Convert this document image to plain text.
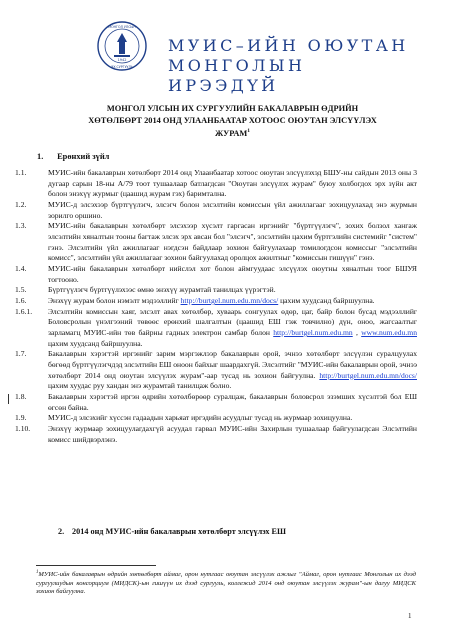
1942
МОНГОЛ УЛСЫН
ИХ СУРГУУЛЬ
МУИС–ИЙН ОЮУТАН
МОНГОЛЫН ИРЭЭДҮЙ
МОНГОЛ УЛСЫН ИХ СУРГУУЛИЙН БАКАЛАВРЫН ӨДРИЙН
ХӨТӨЛБӨРТ 2014 ОНД УЛААНБААТАР ХОТООС ОЮУТАН ЭЛСҮҮЛЭХ
ЖУРАМ$^1$
1. Ерөнхий зүйл
1.1.	МУИС-ийн бакалаврын хөтөлбөрт 2014 онд Улаанбаатар хотоос оюутан элсүүлэхэд БШУ-ны сайдын 2013 оны 3 дугаар сарын 18-ны А/79 тоот тушаалаар батлагдсан "Оюутан элсүүлэх журам" буюу холбогдох эрх зүйн акт болон энэхүү журмыг (цаашид журам гэх) баримтална.
1.2.	МУИС-д элсэхээр бүртгүүлэгч, элсэгч болон элсэлтийн комиссын үйл ажиллагааг зохицуулахад энэ журмын зорилго оршино.
1.3.	МУИС-ийн бакалаврын хөтөлбөрт элсэхээр хүсэлт гаргасан иргэнийг "бүртгүүлэгч", зохих болзол хангаж элсэлтийн хяналтын тооны багтаж элсэх эрх авсан бол "элсэгч", элсэлтийн цахим бүртгэлийн системийг "систем" гэнэ. Элсэлтийн үйл ажиллагааг нэгдсэн байдлаар зохион байгуулахаар томилогдсон комиссыг "элсэлтийн комисс", элсэлтийн үйл ажиллагааг зохион байгуулахад оролцох ажилтныг "комиссын гишүүн" гэнэ.
1.4.	МУИС-ийн бакалаврын хөтөлбөрт нийслэл хот болон аймгуудаас элсүүлэх оюутны хяналтын тоог БШУЯ тогтооно.
1.5.	Бүртгүүлэгч бүртгүүлэхээс өмнө энэхүү журамтай танилцах үүрэгтэй.
1.6.	Энэхүү журам болон нэмэлт мэдээллийг http://burtgel.num.edu.mn/docs/ цахим хуудсанд байршуулна.
1.6.1.	Элсэлтийн комиссын хаяг, элсэлт авах хөтөлбөр, хуваарь сонгуулах өдөр, цаг, байр болон бусад мэдээллийг Боловсролын үнэлгээний төвөөс ерөнхий шалгалтын (цаашид ЕШ гэж товчилно) дүн, оноо, жагсаалтыг зарламагц МУИС-ийн төв байрны гадных электрон самбар болон http://burtgel.num.edu.mn , www.num.edu.mn цахим хуудсанд байршуулна.
1.7.	Бакалаврын хэрэгтэй иргэнийг зарим мэргэжлээр бакалаврын орой, эчнээ хөтөлбөрт элсүүлэн суралцуулах бөгөөд бүртгүүлэгчдэд элсэлтийн ЕШ оноон байхыг шаардахгүй. Элсэлтийг "МУИС-ийн бакалаврын орой, эчнээ хөтөлбөрт 2014 онд оюутан элсүүлэх журам"-аар тусад нь зохион байгуулна. http://burtgel.num.edu.mn/docs/ цахим хуудас руу хандан энэ журамтай танилцаж болно.
1.8.	Бакалаврын хэрэгтэй иргэн өдрийн хөтөлбөрөөр суралцаж, бакалаврын боловсрол эзэмших хүсэлтэй бол ЕШ өгсөн байна.
1.9.	МУИС-д элсэхийг хүссэн гадаадын харьяат иргэдийн асуудлыг тусад нь журмаар зохицуулна.
1.10.	Энэхүү журмаар зохицуулагдахгүй асуудал гарвал МУИС-ийн Захирлын тушаалаар байгуулагдсан Элсэлтийн комисс шийдвэрлэнэ.
2. 2014 онд МУИС-ийн бакалаврын хөтөлбөрт элсүүлэх ЕШ
$^1$МУИС-ийн бакалаврын өдрийн хөтөлбөрт аймаг, орон нутгаас оюутан элсүүлэх ажлыг "Аймаг, орон нутгаас Монголын их дээд сургуулиудын консорциум (МИДСК)-ын гишүүн их дээд сургууль, коллежид 2014 онд оюутан элсүүлэх журам"-ын дагуу МИДСК зохион байгуулна.
1
